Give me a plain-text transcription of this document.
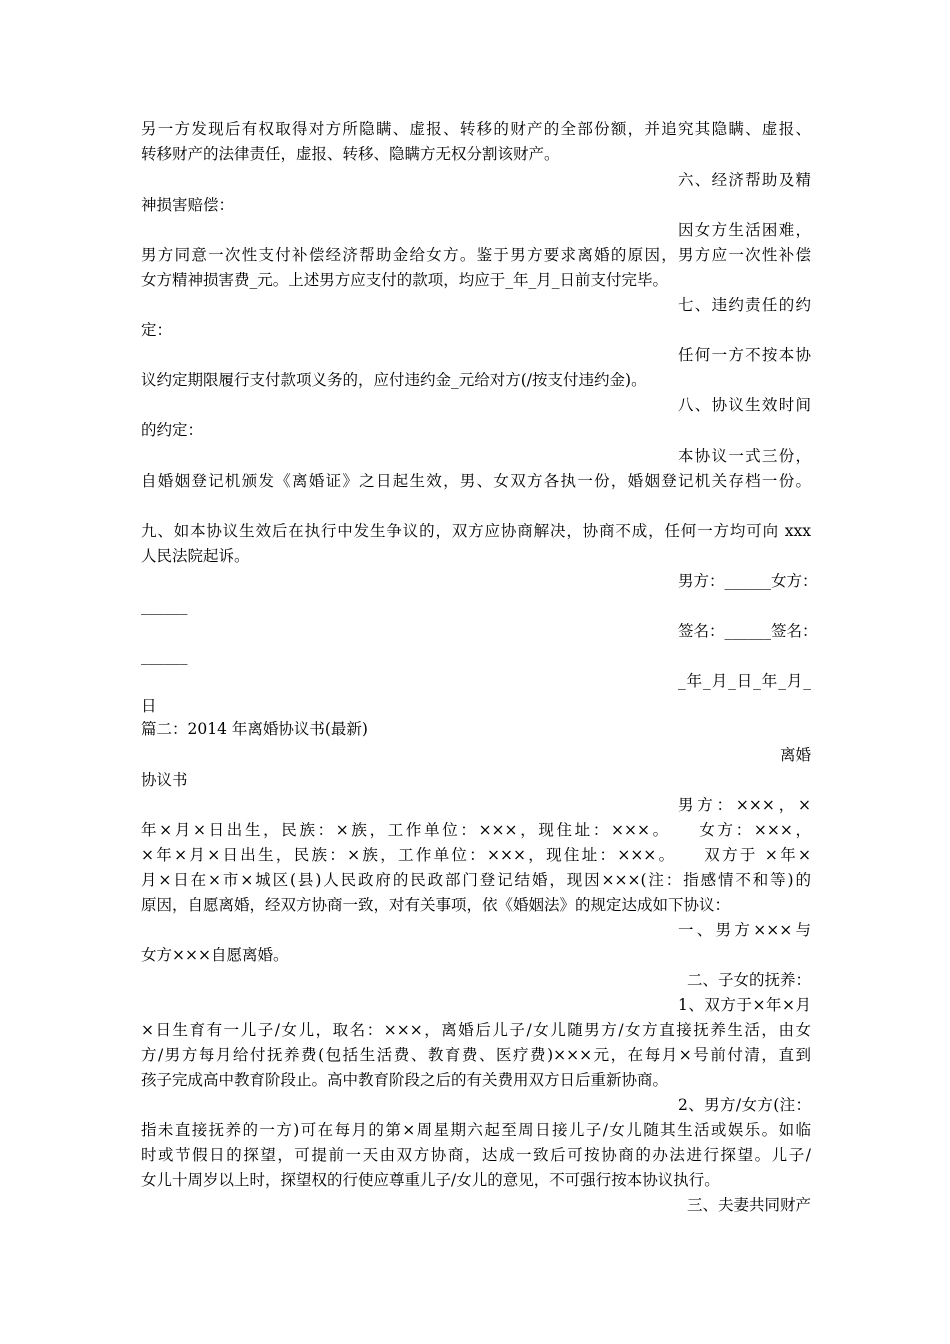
另一方发现后有权取得对方所隐瞒、虚报、转移的财产的全部份额，并追究其隐瞒、虚报、
转移财产的法律责任，虚报、转移、隐瞒方无权分割该财产。
六、经济帮助及精
神损害赔偿：
因女方生活困难，
男方同意一次性支付补偿经济帮助金给女方。鉴于男方要求离婚的原因，男方应一次性补偿
女方精神损害费_元。上述男方应支付的款项，均应于_年_月_日前支付完毕。
七、违约责任的约
定：
任何一方不按本协
议约定期限履行支付款项义务的，应付违约金_元给对方(/按支付违约金)。
八、协议生效时间
的约定：
本协议一式三份，
自婚姻登记机颁发《离婚证》之日起生效，男、女双方各执一份，婚姻登记机关存档一份。
九、如本协议生效后在执行中发生争议的，双方应协商解决，协商不成，任何一方均可向 xxx
人民法院起诉。
男方：______女方：
______
签名：______签名：
______
_年_月_日_年_月_
日
篇二：2014 年离婚协议书(最新)
离婚
协议书
男方：×××，×
年×月×日出生，民族：×族，工作单位：×××，现住址：×××。　　女方：×××，
×年×月×日出生，民族：×族，工作单位：×××，现住址：×××。　　双方于 ×年×
月×日在×市×城区(县)人民政府的民政部门登记结婚，现因×××(注：指感情不和等)的
原因，自愿离婚，经双方协商一致，对有关事项，依《婚姻法》的规定达成如下协议：
一、男方×××与
女方×××自愿离婚。
二、子女的抚养：
1、双方于×年×月
×日生育有一儿子/女儿，取名：×××，离婚后儿子/女儿随男方/女方直接抚养生活，由女
方/男方每月给付抚养费(包括生活费、教育费、医疗费)×××元，在每月×号前付清，直到
孩子完成高中教育阶段止。高中教育阶段之后的有关费用双方日后重新协商。
2、男方/女方(注：
指未直接抚养的一方)可在每月的第×周星期六起至周日接儿子/女儿随其生活或娱乐。如临
时或节假日的探望，可提前一天由双方协商，达成一致后可按协商的办法进行探望。儿子/
女儿十周岁以上时，探望权的行使应尊重儿子/女儿的意见，不可强行按本协议执行。
三、夫妻共同财产
